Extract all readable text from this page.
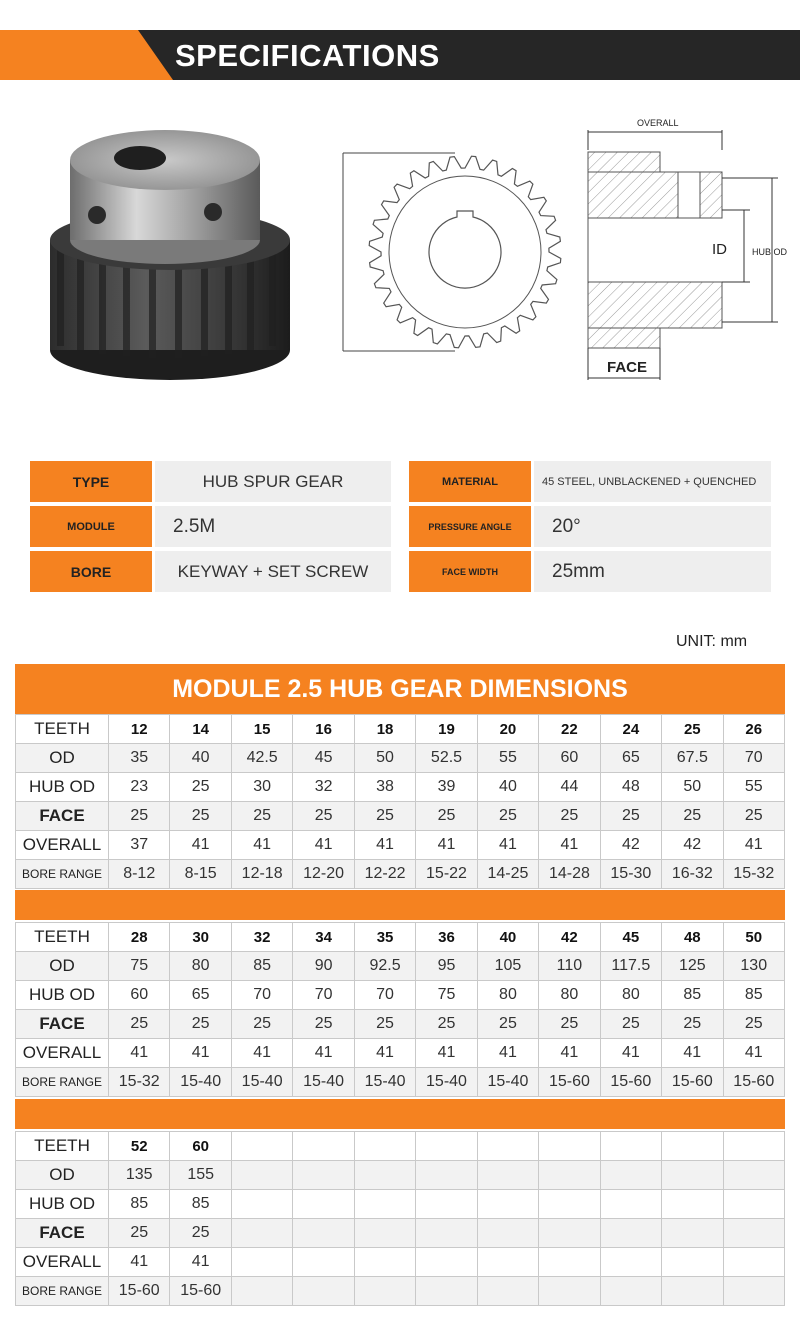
SPECIFICATIONS
OVERALL
ID	HUB OD
FACE
TYPE	HUB SPUR GEAR
MODULE	2.5M
BORE	KEYWAY + SET SCREW
MATERIAL	45 STEEL, UNBLACKENED + QUENCHED
PRESSURE ANGLE	20°
FACE WIDTH	25mm
UNIT: mm
MODULE 2.5 HUB GEAR DIMENSIONS
TEETH	12	14	15	16	18	19	20	22	24	25	26
OD	35	40	42.5	45	50	52.5	55	60	65	67.5	70
HUB OD	23	25	30	32	38	39	40	44	48	50	55
FACE	25	25	25	25	25	25	25	25	25	25	25
OVERALL	37	41	41	41	41	41	41	41	42	42	41
BORE RANGE	8-12	8-15	12-18	12-20	12-22	15-22	14-25	14-28	15-30	16-32	15-32
TEETH	28	30	32	34	35	36	40	42	45	48	50
OD	75	80	85	90	92.5	95	105	110	117.5	125	130
HUB OD	60	65	70	70	70	75	80	80	80	85	85
FACE	25	25	25	25	25	25	25	25	25	25	25
OVERALL	41	41	41	41	41	41	41	41	41	41	41
BORE RANGE	15-32	15-40	15-40	15-40	15-40	15-40	15-40	15-60	15-60	15-60	15-60
TEETH	52	60									
OD	135	155									
HUB OD	85	85									
FACE	25	25									
OVERALL	41	41									
BORE RANGE	15-60	15-60									
